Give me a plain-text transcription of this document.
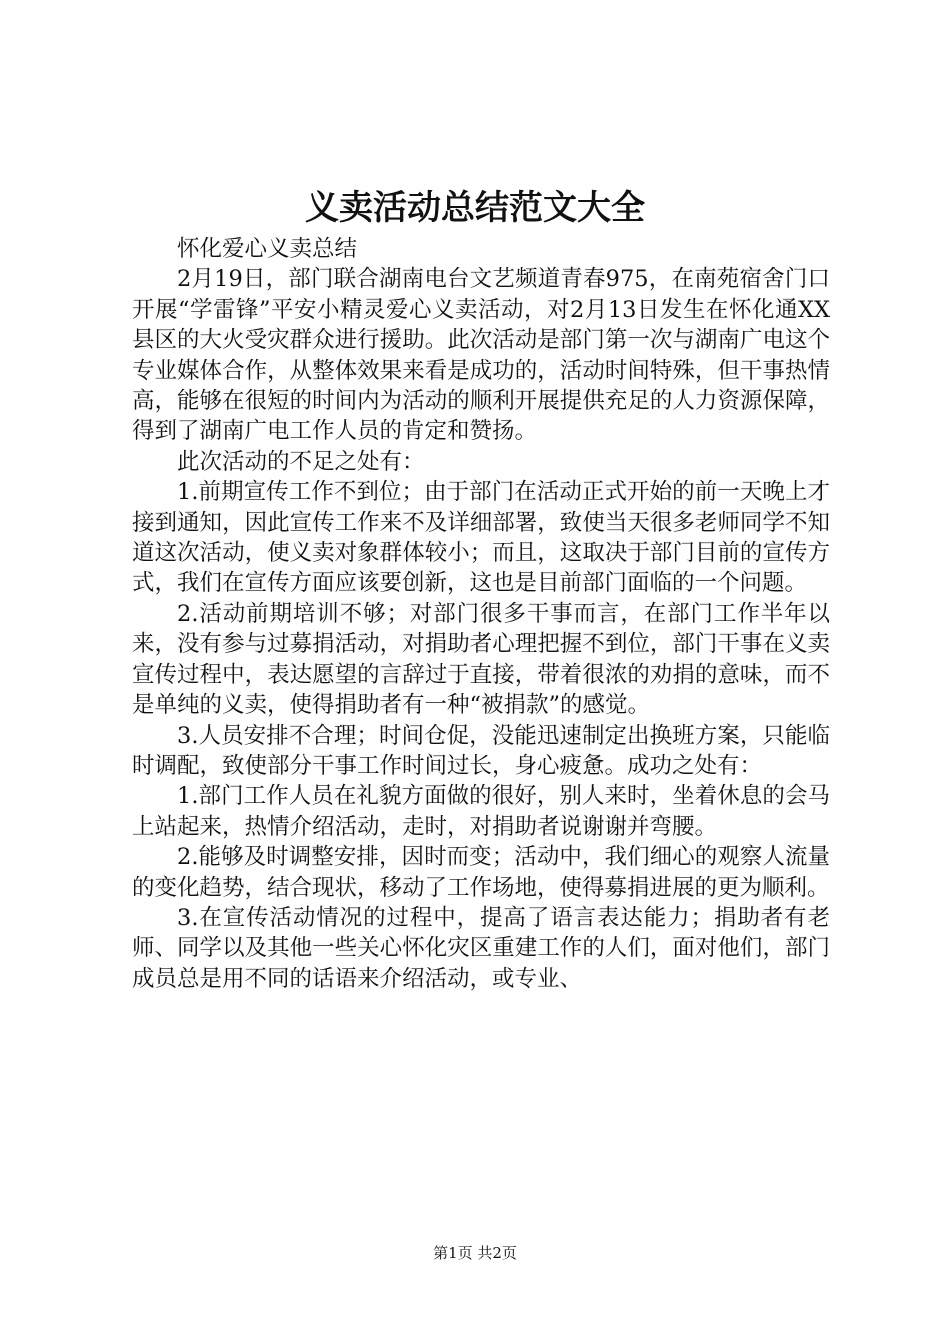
义卖活动总结范文大全

怀化爱心义卖总结

2月19日，部门联合湖南电台文艺频道青春975，在南苑宿舍门口开展“学雷锋”平安小精灵爱心义卖活动，对2月13日发生在怀化通XX县区的大火受灾群众进行援助。此次活动是部门第一次与湖南广电这个专业媒体合作，从整体效果来看是成功的，活动时间特殊，但干事热情高，能够在很短的时间内为活动的顺利开展提供充足的人力资源保障，得到了湖南广电工作人员的肯定和赞扬。

此次活动的不足之处有：

1.前期宣传工作不到位；由于部门在活动正式开始的前一天晚上才接到通知，因此宣传工作来不及详细部署，致使当天很多老师同学不知道这次活动，使义卖对象群体较小；而且，这取决于部门目前的宣传方式，我们在宣传方面应该要创新，这也是目前部门面临的一个问题。

2.活动前期培训不够；对部门很多干事而言，在部门工作半年以来，没有参与过募捐活动，对捐助者心理把握不到位，部门干事在义卖宣传过程中，表达愿望的言辞过于直接，带着很浓的劝捐的意味，而不是单纯的义卖，使得捐助者有一种“被捐款”的感觉。

3.人员安排不合理；时间仓促，没能迅速制定出换班方案，只能临时调配，致使部分干事工作时间过长，身心疲惫。成功之处有：

1.部门工作人员在礼貌方面做的很好，别人来时，坐着休息的会马上站起来，热情介绍活动，走时，对捐助者说谢谢并弯腰。

2.能够及时调整安排，因时而变；活动中，我们细心的观察人流量的变化趋势，结合现状，移动了工作场地，使得募捐进展的更为顺利。

3.在宣传活动情况的过程中，提高了语言表达能力；捐助者有老师、同学以及其他一些关心怀化灾区重建工作的人们，面对他们，部门成员总是用不同的话语来介绍活动，或专业、

第1页 共2页
